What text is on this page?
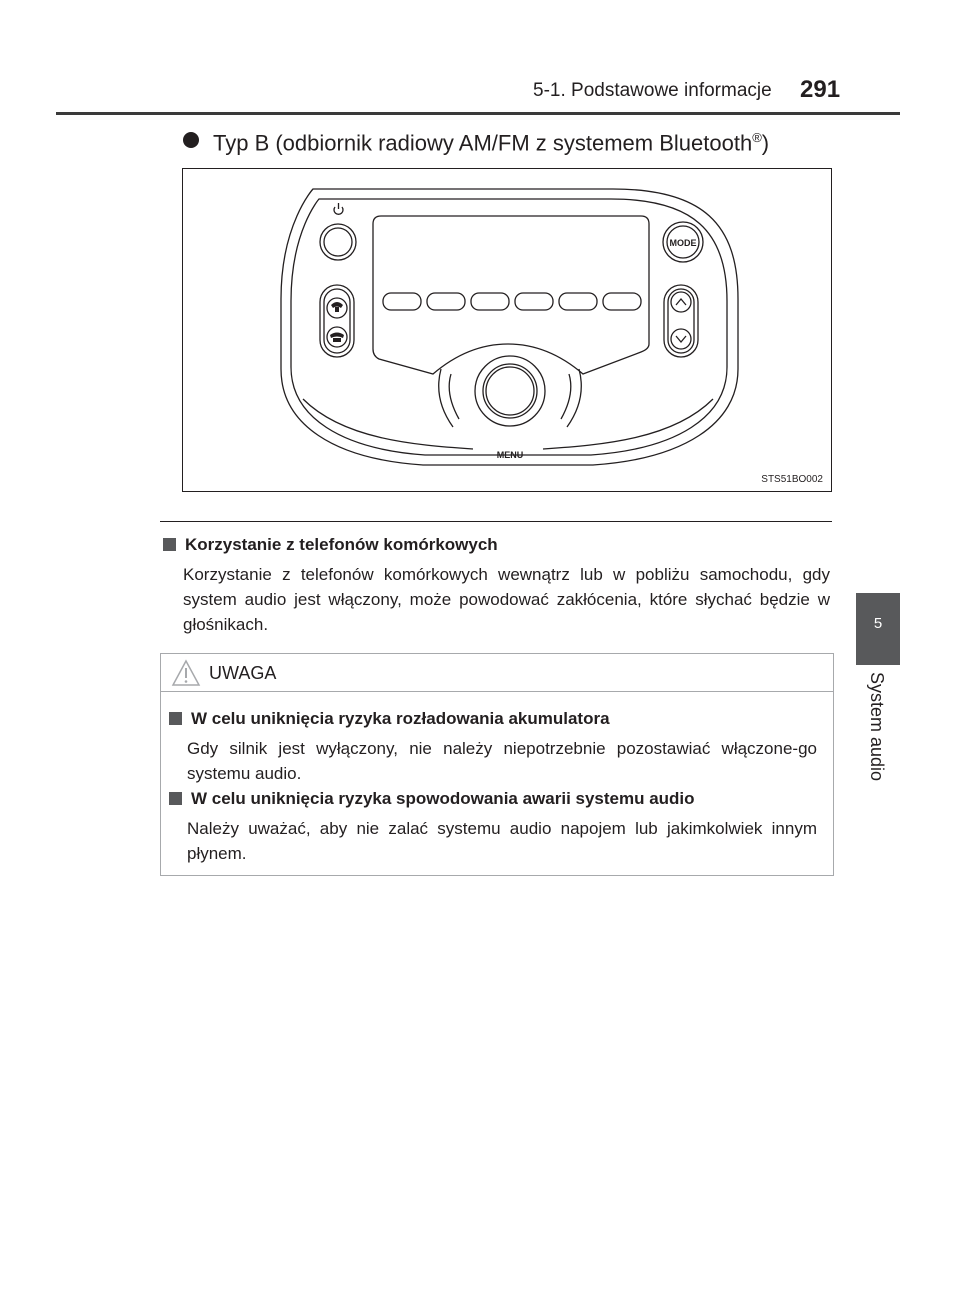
5-1. Podstawowe informacje 291
5
System audio
Typ B (odbiornik radiowy AM/FM z systemem Bluetooth®)
MODE
MENU
STS51BO002
Korzystanie z telefonów komórkowych
Korzystanie z telefonów komórkowych wewnątrz lub w pobliżu samochodu, gdy system audio jest włączony, może powodować zakłócenia, które słychać będzie w głośnikach.
UWAGA
W celu uniknięcia ryzyka rozładowania akumulatora
Gdy silnik jest wyłączony, nie należy niepotrzebnie pozostawiać włączone-go systemu audio.
W celu uniknięcia ryzyka spowodowania awarii systemu audio
Należy uważać, aby nie zalać systemu audio napojem lub jakimkolwiek innym płynem.
